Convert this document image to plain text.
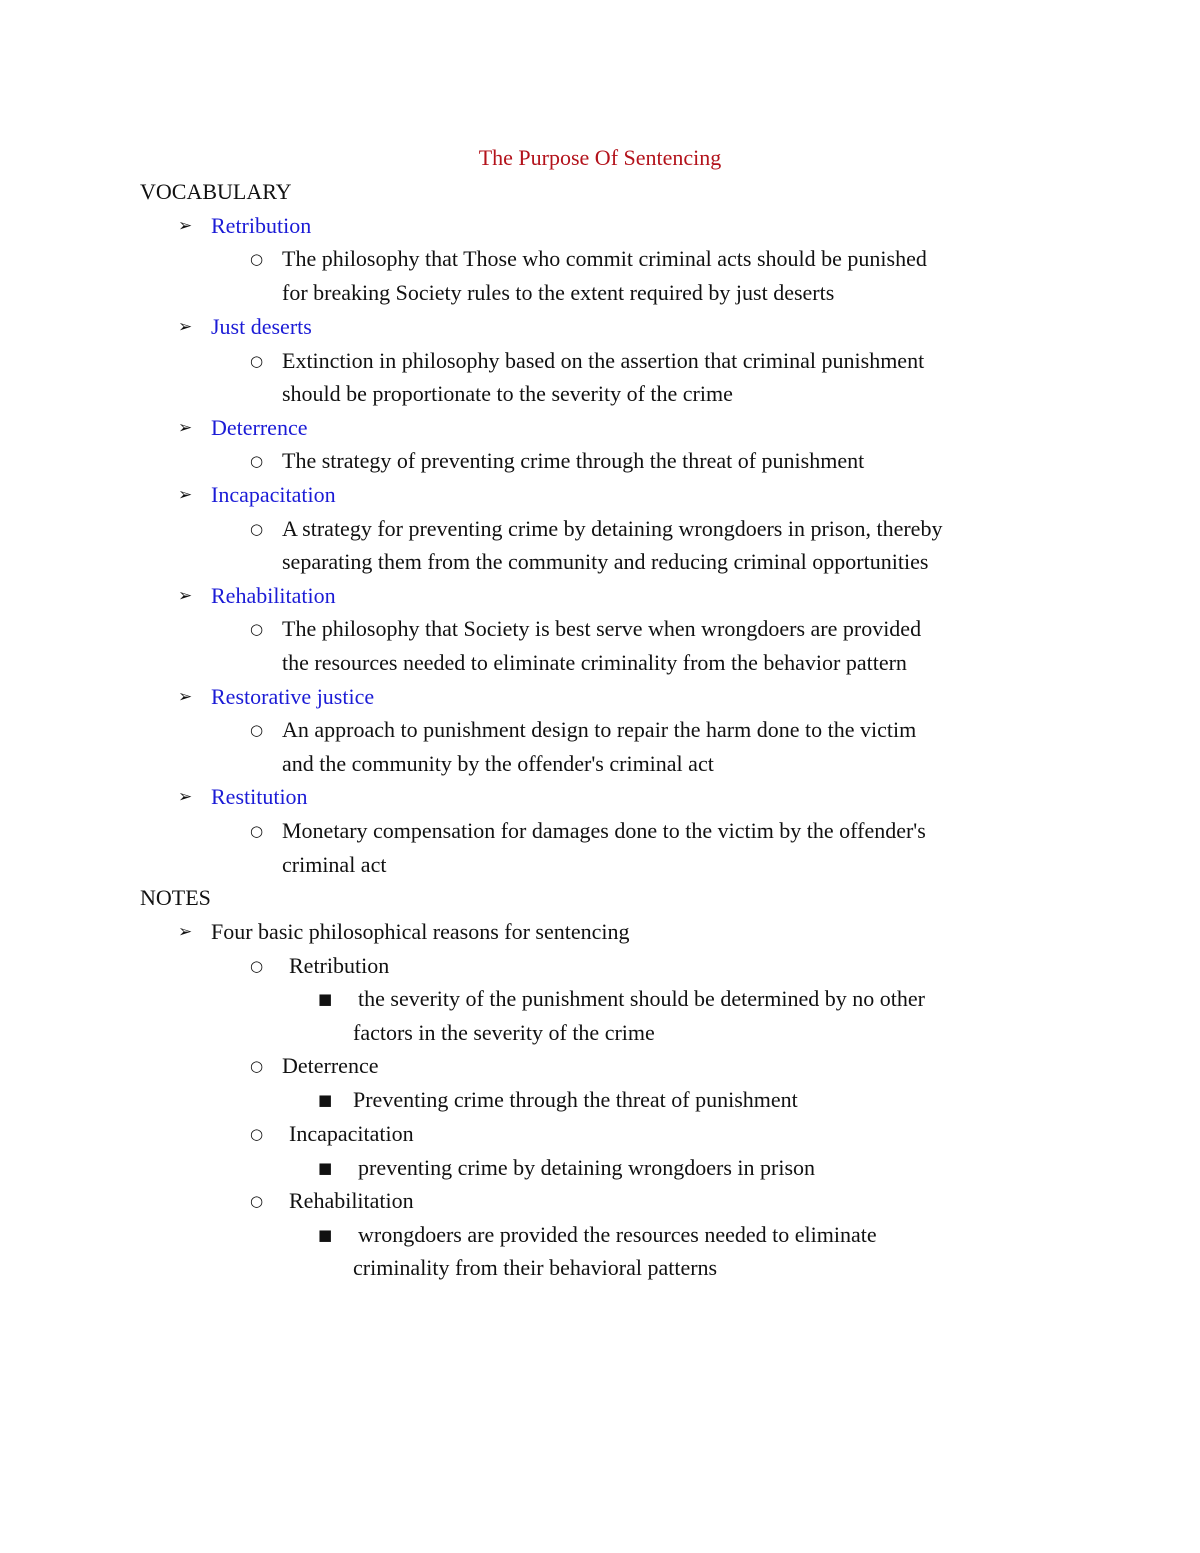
The Purpose Of Sentencing
VOCABULARY
➢ Retribution
○ The philosophy that Those who commit criminal acts should be punished
for breaking Society rules to the extent required by just deserts
➢ Just deserts
○ Extinction in philosophy based on the assertion that criminal punishment
should be proportionate to the severity of the crime
➢ Deterrence
○ The strategy of preventing crime through the threat of punishment
➢ Incapacitation
○ A strategy for preventing crime by detaining wrongdoers in prison, thereby
separating them from the community and reducing criminal opportunities
➢ Rehabilitation
○ The philosophy that Society is best serve when wrongdoers are provided
the resources needed to eliminate criminality from the behavior pattern
➢ Restorative justice
○ An approach to punishment design to repair the harm done to the victim
and the community by the offender's criminal act
➢ Restitution
○ Monetary compensation for damages done to the victim by the offender's
criminal act
NOTES
➢ Four basic philosophical reasons for sentencing
○ Retribution
■ the severity of the punishment should be determined by no other
factors in the severity of the crime
○ Deterrence
■ Preventing crime through the threat of punishment
○ Incapacitation
■ preventing crime by detaining wrongdoers in prison
○ Rehabilitation
■ wrongdoers are provided the resources needed to eliminate
criminality from their behavioral patterns
